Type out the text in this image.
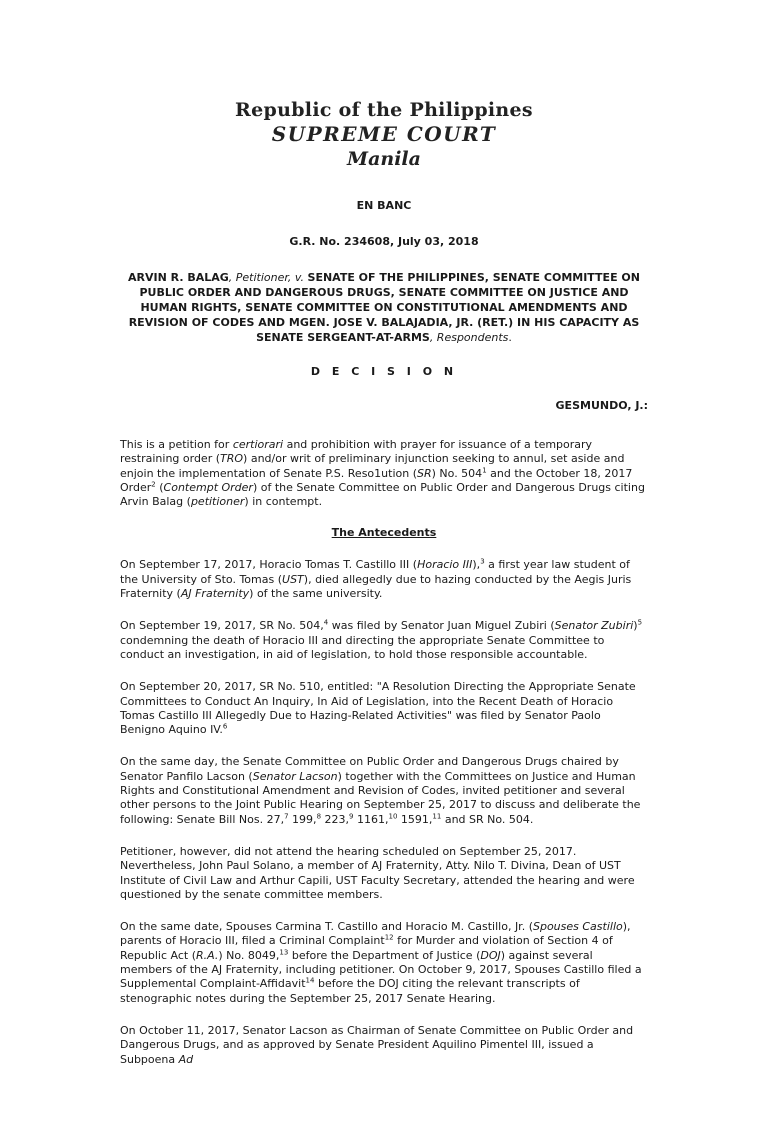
Republic of the Philippines
SUPREME COURT
Manila
EN BANC
G.R. No. 234608, July 03, 2018
ARVIN R. BALAG, Petitioner, v. SENATE OF THE PHILIPPINES, SENATE COMMITTEE ON PUBLIC ORDER AND DANGEROUS DRUGS, SENATE COMMITTEE ON JUSTICE AND HUMAN RIGHTS, SENATE COMMITTEE ON CONSTITUTIONAL AMENDMENTS AND REVISION OF CODES AND MGEN. JOSE V. BALAJADIA, JR. (RET.) IN HIS CAPACITY AS SENATE SERGEANT-AT-ARMS, Respondents.
D E C I S I O N
GESMUNDO, J.:

This is a petition for certiorari and prohibition with prayer for issuance of a temporary restraining order (TRO) and/or writ of preliminary injunction seeking to annul, set aside and enjoin the implementation of Senate P.S. Reso1ution (SR) No. $504^1$ and the October 18, 2017 Order$^2$ (Contempt Order) of the Senate Committee on Public Order and Dangerous Drugs citing Arvin Balag (petitioner) in contempt.

The Antecedents

On September 17, 2017, Horacio Tomas T. Castillo III (Horacio III),$^3$ a first year law student of the University of Sto. Tomas (UST), died allegedly due to hazing conducted by the Aegis Juris Fraternity (AJ Fraternity) of the same university.

On September 19, 2017, SR No. 504,$^4$ was filed by Senator Juan Miguel Zubiri (Senator Zubiri)$^5$ condemning the death of Horacio III and directing the appropriate Senate Committee to conduct an investigation, in aid of legislation, to hold those responsible accountable.

On September 20, 2017, SR No. 510, entitled: "A Resolution Directing the Appropriate Senate Committees to Conduct An Inquiry, In Aid of Legislation, into the Recent Death of Horacio Tomas Castillo III Allegedly Due to Hazing-Related Activities" was filed by Senator Paolo Benigno Aquino IV.$^6$

On the same day, the Senate Committee on Public Order and Dangerous Drugs chaired by Senator Panfilo Lacson (Senator Lacson) together with the Committees on Justice and Human Rights and Constitutional Amendment and Revision of Codes, invited petitioner and several other persons to the Joint Public Hearing on September 25, 2017 to discuss and deliberate the following: Senate Bill Nos. 27,$^7$ 199,$^8$ 223,$^9$ 1161,10 1591,11 and SR No. 504.

Petitioner, however, did not attend the hearing scheduled on September 25, 2017. Nevertheless, John Paul Solano, a member of AJ Fraternity, Atty. Nilo T. Divina, Dean of UST Institute of Civil Law and Arthur Capili, UST Faculty Secretary, attended the hearing and were questioned by the senate committee members.

On the same date, Spouses Carmina T. Castillo and Horacio M. Castillo, Jr. (Spouses Castillo), parents of Horacio III, filed a Criminal Complaint$^{12}$ for Murder and violation of Section 4 of Republic Act (R.A.) No. 8049,13 before the Department of Justice (DOJ) against several members of the AJ Fraternity, including petitioner. On October 9, 2017, Spouses Castillo filed a Supplemental Complaint-Affidavit$^{14}$ before the DOJ citing the relevant transcripts of stenographic notes during the September 25, 2017 Senate Hearing.

On October 11, 2017, Senator Lacson as Chairman of Senate Committee on Public Order and Dangerous Drugs, and as approved by Senate President Aquilino Pimentel III, issued a Subpoena Ad
